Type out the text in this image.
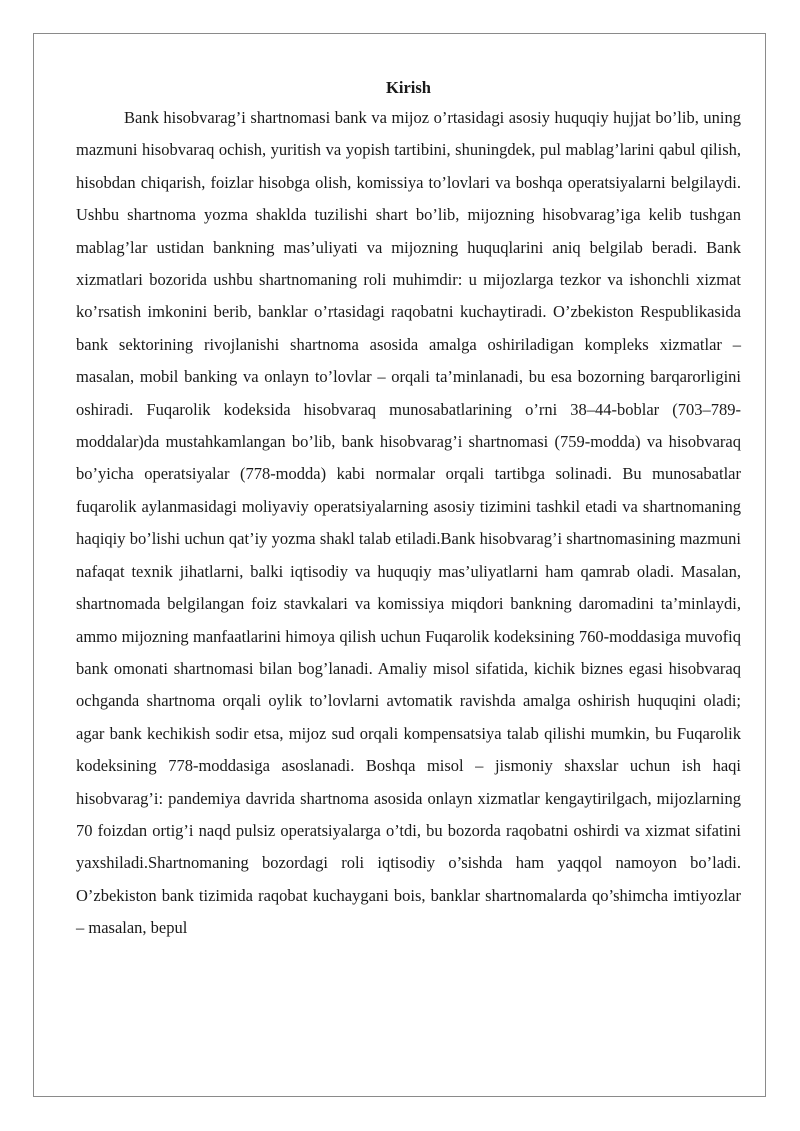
Kirish

Bank hisobvarag’i shartnomasi bank va mijoz o’rtasidagi asosiy huquqiy hujjat bo’lib, uning mazmuni hisobvaraq ochish, yuritish va yopish tartibini, shuningdek, pul mablag’larini qabul qilish, hisobdan chiqarish, foizlar hisobga olish, komissiya to’lovlari va boshqa operatsiyalarni belgilaydi. Ushbu shartnoma yozma shaklda tuzilishi shart bo’lib, mijozning hisobvarag’iga kelib tushgan mablag’lar ustidan bankning mas’uliyati va mijozning huquqlarini aniq belgilab beradi. Bank xizmatlari bozorida ushbu shartnomaning roli muhimdir: u mijozlarga tezkor va ishonchli xizmat ko’rsatish imkonini berib, banklar o’rtasidagi raqobatni kuchaytiradi. O’zbekiston Respublikasida bank sektorining rivojlanishi shartnoma asosida amalga oshiriladigan kompleks xizmatlar – masalan, mobil banking va onlayn to’lovlar – orqali ta’minlanadi, bu esa bozorning barqarorligini oshiradi. Fuqarolik kodeksida hisobvaraq munosabatlarining o’rni 38–44-boblar (703–789-moddalar)da mustahkamlangan bo’lib, bank hisobvarag’i shartnomasi (759-modda) va hisobvaraq bo’yicha operatsiyalar (778-modda) kabi normalar orqali tartibga solinadi. Bu munosabatlar fuqarolik aylanmasidagi moliyaviy operatsiyalarning asosiy tizimini tashkil etadi va shartnomaning haqiqiy bo’lishi uchun qat’iy yozma shakl talab etiladi.Bank hisobvarag’i shartnomasining mazmuni nafaqat texnik jihatlarni, balki iqtisodiy va huquqiy mas’uliyatlarni ham qamrab oladi. Masalan, shartnomada belgilangan foiz stavkalari va komissiya miqdori bankning daromadini ta’minlaydi, ammo mijozning manfaatlarini himoya qilish uchun Fuqarolik kodeksining 760-moddasiga muvofiq bank omonati shartnomasi bilan bog’lanadi. Amaliy misol sifatida, kichik biznes egasi hisobvaraq ochganda shartnoma orqali oylik to’lovlarni avtomatik ravishda amalga oshirish huquqini oladi; agar bank kechikish sodir etsa, mijoz sud orqali kompensatsiya talab qilishi mumkin, bu Fuqarolik kodeksining 778-moddasiga asoslanadi. Boshqa misol – jismoniy shaxslar uchun ish haqi hisobvarag’i: pandemiya davrida shartnoma asosida onlayn xizmatlar kengaytirilgach, mijozlarning 70 foizdan ortig’i naqd pulsiz operatsiyalarga o’tdi, bu bozorda raqobatni oshirdi va xizmat sifatini yaxshiladi.Shartnomaning bozordagi roli iqtisodiy o’sishda ham yaqqol namoyon bo’ladi. O’zbekiston bank tizimida raqobat kuchaygani bois, banklar shartnomalarda qo’shimcha imtiyozlar – masalan, bepul
